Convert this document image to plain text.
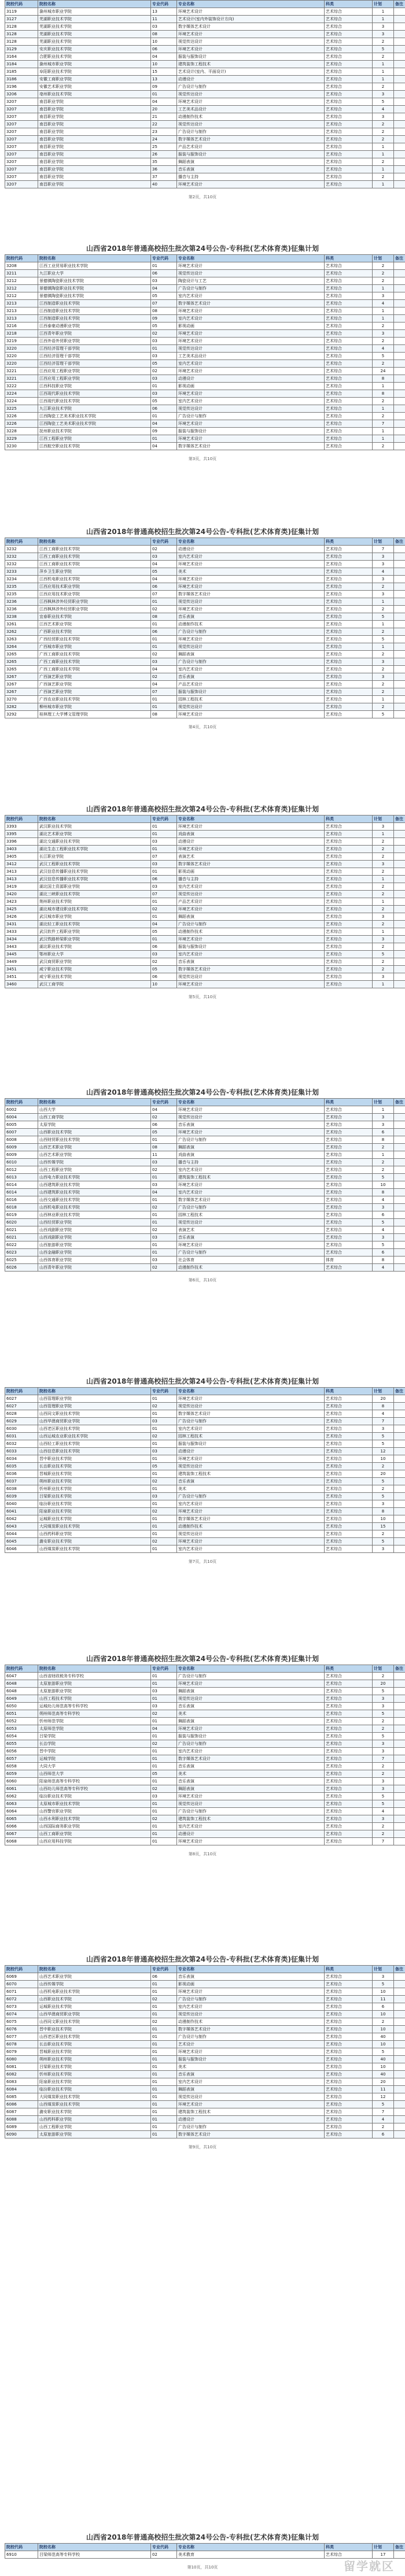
院校代码	院校名称	专业代码	专业名称	科类	计划	备注
3119	滁州城市职业学院	13	环境艺术设计	艺术综合	1	
3127	芜湖职业技术学院	11	艺术设计(室内外装饰设计方向)	艺术综合	1	
3128	芜湖职业技术学院	03	数字媒体艺术设计	艺术综合	3	
3128	芜湖职业技术学院	08	环境艺术设计	艺术综合	3	
3128	芜湖职业技术学院	10	视觉传达设计	艺术综合	2	
3129	安庆职业技术学院	06	环境艺术设计	艺术综合	5	
3164	合肥职业技术学院	04	服装与服饰设计	艺术综合	2	
3184	滁州城市职业学院	10	建筑装饰工程技术	艺术综合	1	
3185	阜阳职业技术学院	15	艺术设计(室内、平面设计)	艺术综合	1	
3186	安徽工商职业学院	13	动漫设计	艺术综合	1	
3196	安徽艺术职业学院	09	广告设计与制作	艺术综合	2	
3206	亳州职业技术学院	01	视觉传达设计	艺术综合	3	
3207	南昌职业学院	04	环境艺术设计	艺术综合	5	
3207	南昌职业学院	20	工艺美术品设计	艺术综合	4	
3207	南昌职业学院	21	动漫制作技术	艺术综合	3	
3207	南昌职业学院	22	视觉传达设计	艺术综合	2	
3207	南昌职业学院	23	广告设计与制作	艺术综合	2	
3207	南昌职业学院	24	数字媒体艺术设计	艺术综合	2	
3207	南昌职业学院	25	产品艺术设计	艺术综合	1	
3207	南昌职业学院	26	服装与服饰设计	艺术综合	1	
3207	南昌职业学院	35	舞蹈表演	艺术综合	2	
3207	南昌职业学院	36	音乐表演	艺术综合	1	
3207	南昌职业学院	37	播音与主持	艺术综合	2	
3207	南昌职业学院	40	环境艺术设计	艺术综合	1	
第2页，共10页
山西省2018年普通高校招生批次第24号公告-专科批(艺术体育类)征集计划
院校代码	院校名称	专业代码	专业名称	科类	计划	备注
3208	江西工业贸易职业技术学院	01	环境艺术设计	艺术综合	2	
3211	九江职业大学	06	视觉传达设计	艺术综合	2	
3212	景德镇陶瓷职业技术学院	03	陶瓷设计与工艺	艺术综合	2	
3212	景德镇陶瓷职业技术学院	04	广告设计与制作	艺术综合	1	
3212	景德镇陶瓷职业技术学院	05	室内艺术设计	艺术综合	3	
3213	江西制造职业技术学院	07	数字媒体艺术设计	艺术综合	4	
3213	江西制造职业技术学院	08	环境艺术设计	艺术综合	1	
3213	江西制造职业技术学院	09	室内艺术设计	艺术综合	1	
3216	江西泰豪动漫职业学院	05	影视动画	艺术综合	2	
3218	江西青年职业学院	02	环境艺术设计	艺术综合	3	
3219	江西外语外贸职业学院	03	环境艺术设计	艺术综合	2	
3220	江西经济管理干部学院	01	视觉传达设计	艺术综合	4	
3220	江西经济管理干部学院	03	工艺美术品设计	艺术综合	5	
3220	江西经济管理干部学院	05	室内艺术设计	艺术综合	2	
3221	江西应用工程职业学院	02	环境艺术设计	艺术综合	24	
3221	江西应用工程职业学院	03	动漫设计	艺术综合	8	
3222	江西科技职业学院	01	影视动画	艺术综合	1	
3224	江西现代职业技术学院	03	环境艺术设计	艺术综合	8	
3224	江西现代职业技术学院	05	室内艺术设计	艺术综合	2	
3225	九江职业技术学院	06	视觉传达设计	艺术综合	1	
3226	江西陶瓷工艺美术职业技术学院	01	广告设计与制作	艺术综合	2	
3226	江西陶瓷工艺美术职业技术学院	04	环境艺术设计	艺术综合	7	
3228	抚州职业技术学院	09	服装与服饰设计	艺术综合	1	
3229	江西工程职业学院	01	环境艺术设计	艺术综合	1	
3230	江西航空职业技术学院	04	数字媒体艺术设计	艺术综合	2	
第3页，共10页
山西省2018年普通高校招生批次第24号公告-专科批(艺术体育类)征集计划
院校代码	院校名称	专业代码	专业名称	科类	计划	备注
3232	江西工商职业技术学院	02	动漫设计	艺术综合	7	
3232	江西工商职业技术学院	03	室内艺术设计	艺术综合	3	
3232	江西工商职业技术学院	04	环境艺术设计	艺术综合	3	
3233	萍乡卫生职业学院	05	美术	艺术综合	4	
3234	江西机电职业技术学院	04	环境艺术设计	艺术综合	3	
3235	江西应用技术职业学院	06	环境艺术设计	艺术综合	2	
3235	江西应用技术职业学院	07	数字媒体艺术设计	艺术综合	3	
3236	江西枫林涉外经贸职业学院	01	视觉传达设计	艺术综合	1	
3236	江西枫林涉外经贸职业学院	02	环境艺术设计	艺术综合	2	
3238	宜春职业技术学院	08	音乐表演	艺术综合	5	
3261	江西艺术职业学院	01	动漫制作技术	艺术综合	1	
3262	广西职业技术学院	06	广告设计与制作	艺术综合	2	
3263	广西经贸职业技术学院	01	环境艺术设计	艺术综合	5	
3264	广西城市职业学院	01	视觉传达设计	艺术综合	1	
3265	广西工商职业技术学院	02	舞蹈表演	艺术综合	2	
3265	广西工商职业技术学院	03	广告设计与制作	艺术综合	3	
3265	广西工商职业技术学院	04	室内艺术设计	艺术综合	2	
3267	广西演艺职业学院	02	音乐表演	艺术综合	3	
3267	广西演艺职业学院	04	产品艺术设计	艺术综合	2	
3267	广西演艺职业学院	07	服装与服饰设计	艺术综合	2	
3270	广西农业职业技术学院	01	园林工程技术	艺术综合	1	
3282	柳州城市职业学院	01	视觉传达设计	艺术综合	2	
3292	桂林理工大学博文管理学院	08	环境艺术设计	艺术综合	5	
第4页，共10页
山西省2018年普通高校招生批次第24号公告-专科批(艺术体育类)征集计划
院校代码	院校名称	专业代码	专业名称	科类	计划	备注
3393	武汉职业技术学院	01	环境艺术设计	艺术综合	3	
3395	湖北艺术职业学院	01	戏曲表演	艺术综合	1	
3396	湖北交通职业技术学院	03	动漫设计	艺术综合	2	
3403	湖北生态工程职业技术学院	01	环境艺术设计	艺术综合	2	
3405	长江职业学院	07	表演艺术	艺术综合	2	
3412	武汉工程职业技术学院	03	数字媒体艺术设计	艺术综合	3	
3413	武汉信息传播职业技术学院	01	影视动画	艺术综合	2	
3413	武汉信息传播职业技术学院	06	播音与主持	艺术综合	1	
3419	湖北国土资源职业学院	03	室内艺术设计	艺术综合	2	
3420	湖北三峡职业技术学院	07	视觉传达设计	艺术综合	2	
3423	荆州职业技术学院	01	产品艺术设计	艺术综合	1	
3425	湖北城市建设职业技术学院	02	环境艺术设计	艺术综合	2	
3426	武汉城市职业学院	01	舞蹈表演	艺术综合	3	
3431	湖北轻工职业技术学院	04	广告设计与制作	艺术综合	2	
3433	武汉软件工程职业学院	05	动漫制作技术	艺术综合	1	
3434	武汉铁路桥梁职业学院	01	环境艺术设计	艺术综合	3	
3443	湖北职业技术学院	06	服装与服饰设计	艺术综合	2	
3445	鄂州职业大学	03	室内艺术设计	艺术综合	5	
3449	武汉商贸职业学院	02	音乐表演	艺术综合	2	
3451	咸宁职业技术学院	05	数字媒体艺术设计	艺术综合	2	
3451	咸宁职业技术学院	06	视觉传达设计	艺术综合	3	
3460	武汉工商学院	10	环境艺术设计	艺术综合	1	
第5页，共10页
山西省2018年普通高校招生批次第24号公告-专科批(艺术体育类)征集计划
院校代码	院校名称	专业代码	专业名称	科类	计划	备注
6002	山西大学	04	环境艺术设计	艺术综合	1	
6004	山西工商学院	02	视觉传达设计	艺术综合	3	
6005	太原学院	06	音乐表演	艺术综合	3	
6007	山西职业技术学院	05	环境艺术设计	艺术综合	6	
6008	山西财贸职业技术学院	01	广告设计与制作	艺术综合	8	
6009	山西艺术职业学院	08	舞蹈表演	艺术综合	2	
6009	山西艺术职业学院	11	戏曲表演	艺术综合	1	
6010	山西传媒学院	03	播音与主持	艺术综合	2	
6012	山西工程职业学院	02	室内艺术设计	艺术综合	2	
6013	山西电力职业技术学院	01	建筑装饰工程技术	艺术综合	5	
6014	山西建筑职业技术学院	03	环境艺术设计	艺术综合	10	
6014	山西建筑职业技术学院	04	室内艺术设计	艺术综合	8	
6016	山西交通职业技术学院	01	数字媒体艺术设计	艺术综合	4	
6018	山西机电职业技术学院	02	广告设计与制作	艺术综合	3	
6019	山西林业职业技术学院	01	园林工程技术	艺术综合	6	
6020	山西经贸职业学院	01	视觉传达设计	艺术综合	5	
6021	山西戏剧职业学院	02	表演艺术	艺术综合	4	
6021	山西戏剧职业学院	03	音乐表演	艺术综合	3	
6022	山西旅游职业学院	01	环境艺术设计	艺术综合	5	
6023	山西金融职业学院	01	广告设计与制作	艺术综合	6	
6025	山西体育职业学院	03	社会体育	体育	8	
6026	山西青年职业学院	02	动漫制作技术	艺术综合	4	
第6页，共10页
山西省2018年普通高校招生批次第24号公告-专科批(艺术体育类)征集计划
院校代码	院校名称	专业代码	专业名称	科类	计划	备注
6027	山西管理职业学院	01	环境艺术设计	艺术综合	20	
6027	山西管理职业学院	02	视觉传达设计	艺术综合	8	
6028	山西同文职业技术学院	01	数字媒体艺术设计	艺术综合	4	
6029	山西华澳商贸职业学院	03	广告设计与制作	艺术综合	7	
6030	山西老区职业技术学院	01	室内艺术设计	艺术综合	3	
6031	山西运城农业职业技术学院	02	园林工程技术	艺术综合	5	
6032	山西轻工职业技术学院	01	服装与服饰设计	艺术综合	5	
6033	山西信息职业技术学院	03	动漫设计	艺术综合	12	
6034	晋中职业技术学院	01	环境艺术设计	艺术综合	10	
6035	长治职业技术学院	05	视觉传达设计	艺术综合	2	
6036	晋城职业技术学院	01	建筑装饰工程技术	艺术综合	20	
6037	朔州职业技术学院	02	音乐表演	艺术综合	5	
6038	忻州职业技术学院	01	美术	艺术综合	2	
6039	吕梁职业技术学院	03	广告设计与制作	艺术综合	5	
6040	临汾职业技术学院	01	室内艺术设计	艺术综合	3	
6041	阳泉职业技术学院	02	环境艺术设计	艺术综合	8	
6042	运城职业技术学院	01	数字媒体艺术设计	艺术综合	10	
6043	大同煤炭职业技术学院	01	动漫制作技术	艺术综合	15	
6044	山西药科职业学院	01	视觉传达设计	艺术综合	2	
6045	潞安职业技术学院	02	环境艺术设计	艺术综合	5	
6046	山西煤炭职业技术学院	01	室内艺术设计	艺术综合	3	
第7页，共10页
山西省2018年普通高校招生批次第24号公告-专科批(艺术体育类)征集计划
院校代码	院校名称	专业代码	专业名称	科类	计划	备注
6047	山西省财政税务专科学校	01	广告设计与制作	艺术综合	2	
6048	太原旅游职业学院	01	环境艺术设计	艺术综合	20	
6048	太原旅游职业学院	03	舞蹈表演	艺术综合	5	
6049	山西工程技术学院	01	视觉传达设计	艺术综合	3	
6050	运城幼儿师范高等专科学校	03	音乐表演	艺术综合	3	
6051	朔州师范高等专科学校	02	美术	艺术综合	5	
6052	忻州师范学院	01	舞蹈表演	艺术综合	2	
6053	太原师范学院	04	环境艺术设计	艺术综合	2	
6054	吕梁学院	01	服装与服饰设计	艺术综合	5	
6055	长治学院	02	广告设计与制作	艺术综合	3	
6056	晋中学院	01	室内艺术设计	艺术综合	3	
6057	运城学院	01	数字媒体艺术设计	艺术综合	7	
6058	大同大学	01	音乐表演	艺术综合	2	
6059	山西师范大学	05	美术	艺术综合	2	
6060	阳泉师范高等专科学校	01	音乐表演	艺术综合	3	
6061	山西幼儿师范高等专科学校	02	舞蹈表演	艺术综合	3	
6062	临汾职业技术学院	03	环境艺术设计	艺术综合	5	
6063	太原城市职业技术学院	01	视觉传达设计	艺术综合	5	
6064	山西警官职业学院	01	广告设计与制作	艺术综合	4	
6065	山西水利职业技术学院	02	建筑装饰工程技术	艺术综合	3	
6066	山西国际商务职业学院	01	室内艺术设计	艺术综合	2	
6067	山西工商职业学院	01	动漫设计	艺术综合	2	
6068	山西应用科技学院	01	环境艺术设计	艺术综合	7	
第8页，共10页
山西省2018年普通高校招生批次第24号公告-专科批(艺术体育类)征集计划
院校代码	院校名称	专业代码	专业名称	科类	计划	备注
6069	山西艺术职业学院	06	音乐表演	艺术综合	3	
6070	山西传媒学院	01	影视动画	艺术综合	5	
6071	山西机电职业技术学院	01	环境艺术设计	艺术综合	10	
6072	山西职业技术学院	02	广告设计与制作	艺术综合	11	
6073	运城职业技术学院	01	室内艺术设计	艺术综合	6	
6074	山西华澳商贸职业学院	01	视觉传达设计	艺术综合	10	
6075	山西同文职业技术学院	02	动漫制作技术	艺术综合	2	
6076	晋中职业技术学院	01	数字媒体艺术设计	艺术综合	10	
6077	山西老区职业技术学院	01	广告设计与制作	艺术综合	40	
6078	长治职业技术学院	01	艺术设计	艺术综合	10	
6079	晋城职业技术学院	01	环境艺术设计	艺术综合	5	
6080	朔州职业技术学院	01	服装与服饰设计	艺术综合	40	
6081	吕梁职业技术学院	01	美术	艺术综合	10	
6082	忻州职业技术学院	01	音乐表演	艺术综合	40	
6083	阳泉职业技术学院	01	室内艺术设计	艺术综合	20	
6084	临汾职业技术学院	01	舞蹈表演	艺术综合	11	
6085	大同煤炭职业技术学院	01	视觉传达设计	艺术综合	12	
6086	山西煤炭职业技术学院	01	环境艺术设计	艺术综合	5	
6087	潞安职业技术学院	01	建筑装饰工程技术	艺术综合	7	
6088	山西药科职业学院	01	动漫设计	艺术综合	4	
6089	山西工程职业学院	01	广告设计与制作	艺术综合	2	
6090	太原旅游职业学院	01	数字媒体艺术设计	艺术综合	6	
第9页，共10页
山西省2018年普通高校招生批次第24号公告-专科批(艺术体育类)征集计划
院校代码	院校名称	专业代码	专业名称	科类	计划	备注
6910	吕梁师范高等专科学校	02	美术教育	艺术综合	17	
第10页，共10页	留学就区
